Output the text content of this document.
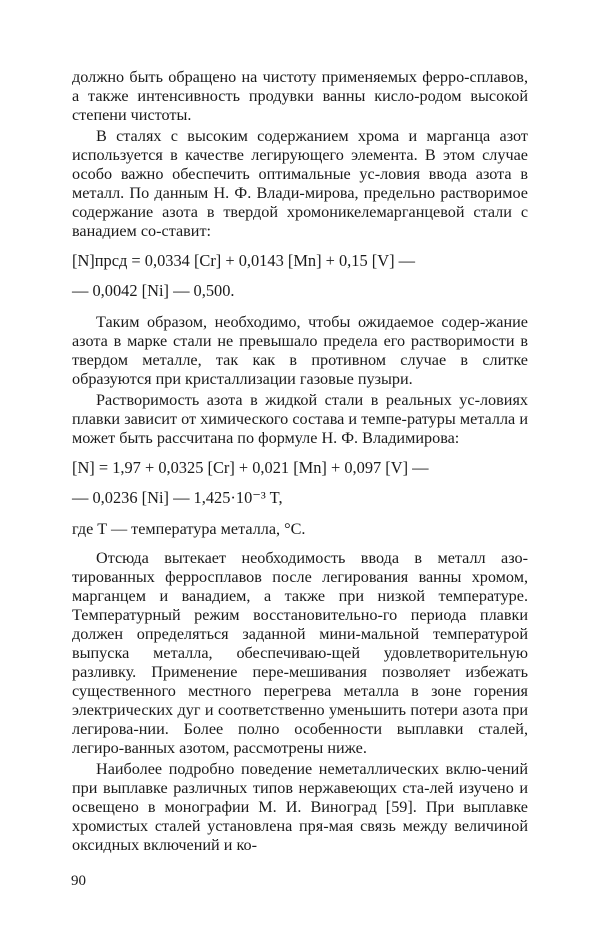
должно быть обращено на чистоту применяемых ферро-сплавов, а также интенсивность продувки ванны кисло-родом высокой степени чистоты.

В сталях с высоким содержанием хрома и марганца азот используется в качестве легирующего элемента. В этом случае особо важно обеспечить оптимальные ус-ловия ввода азота в металл. По данным Н. Ф. Влади-мирова, предельно растворимое содержание азота в твердой хромоникелемарганцевой стали с ванадием со-ставит:

[N]прсд = 0,0334 [Cr] + 0,0143 [Mn] + 0,15 [V] —
— 0,0042 [Ni] — 0,500.

Таким образом, необходимо, чтобы ожидаемое содер-жание азота в марке стали не превышало предела его растворимости в твердом металле, так как в противном случае в слитке образуются при кристаллизации газовые пузыри.

Растворимость азота в жидкой стали в реальных ус-ловиях плавки зависит от химического состава и темпе-ратуры металла и может быть рассчитана по формуле Н. Ф. Владимирова:

[N] = 1,97 + 0,0325 [Cr] + 0,021 [Mn] + 0,097 [V] —
— 0,0236 [Ni] — 1,425·10⁻³ T,

где T — температура металла, °C.

Отсюда вытекает необходимость ввода в металл азо-тированных ферросплавов после легирования ванны хромом, марганцем и ванадием, а также при низкой температуре. Температурный режим восстановительно-го периода плавки должен определяться заданной мини-мальной температурой выпуска металла, обеспечиваю-щей удовлетворительную разливку. Применение пере-мешивания позволяет избежать существенного местного перегрева металла в зоне горения электрических дуг и соответственно уменьшить потери азота при легирова-нии. Более полно особенности выплавки сталей, легиро-ванных азотом, рассмотрены ниже.

Наиболее подробно поведение неметаллических вклю-чений при выплавке различных типов нержавеющих ста-лей изучено и освещено в монографии М. И. Виноград [59]. При выплавке хромистых сталей установлена пря-мая связь между величиной оксидных включений и ко-

90
